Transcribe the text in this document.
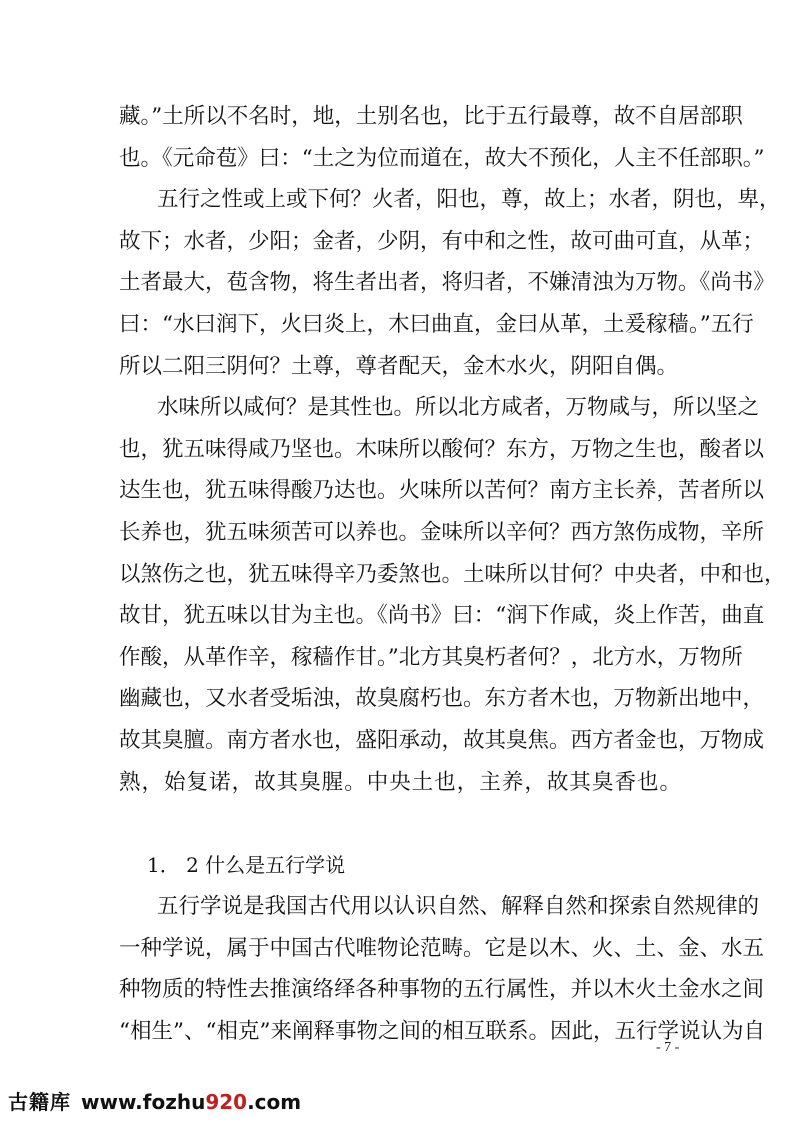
藏。”土所以不名时，地，土别名也，比于五行最尊，故不自居部职
也。《元命苞》曰：“土之为位而道在，故大不预化，人主不任部职。”
五行之性或上或下何？火者，阳也，尊，故上；水者，阴也，卑，
故下；水者，少阳；金者，少阴，有中和之性，故可曲可直，从革；
土者最大，苞含物，将生者出者，将归者，不嫌清浊为万物。《尚书》
曰：“水曰润下，火曰炎上，木曰曲直，金曰从革，土爰稼穑。”五行
所以二阳三阴何？土尊，尊者配天，金木水火，阴阳自偶。
水味所以咸何？是其性也。所以北方咸者，万物咸与，所以坚之
也，犹五味得咸乃坚也。木味所以酸何？东方，万物之生也，酸者以
达生也，犹五味得酸乃达也。火味所以苦何？南方主长养，苦者所以
长养也，犹五味须苦可以养也。金味所以辛何？西方煞伤成物，辛所
以煞伤之也，犹五味得辛乃委煞也。土味所以甘何？中央者，中和也，
故甘，犹五味以甘为主也。《尚书》曰：“润下作咸，炎上作苦，曲直
作酸，从革作辛，稼穑作甘。”北方其臭朽者何？，北方水，万物所
幽藏也，又水者受垢浊，故臭腐朽也。东方者木也，万物新出地中，
故其臭膻。南方者水也，盛阳承动，故其臭焦。西方者金也，万物成
熟，始复诺，故其臭腥。中央土也，主养，故其臭香也。
1． 2 什么是五行学说
五行学说是我国古代用以认识自然、解释自然和探索自然规律的
一种学说，属于中国古代唯物论范畴。它是以木、火、土、金、水五
种物质的特性去推演络绎各种事物的五行属性，并以木火土金水之间
“相生”、“相克”来阐释事物之间的相互联系。因此，五行学说认为自
- 7 -
古籍库 www.fozhu920.com
